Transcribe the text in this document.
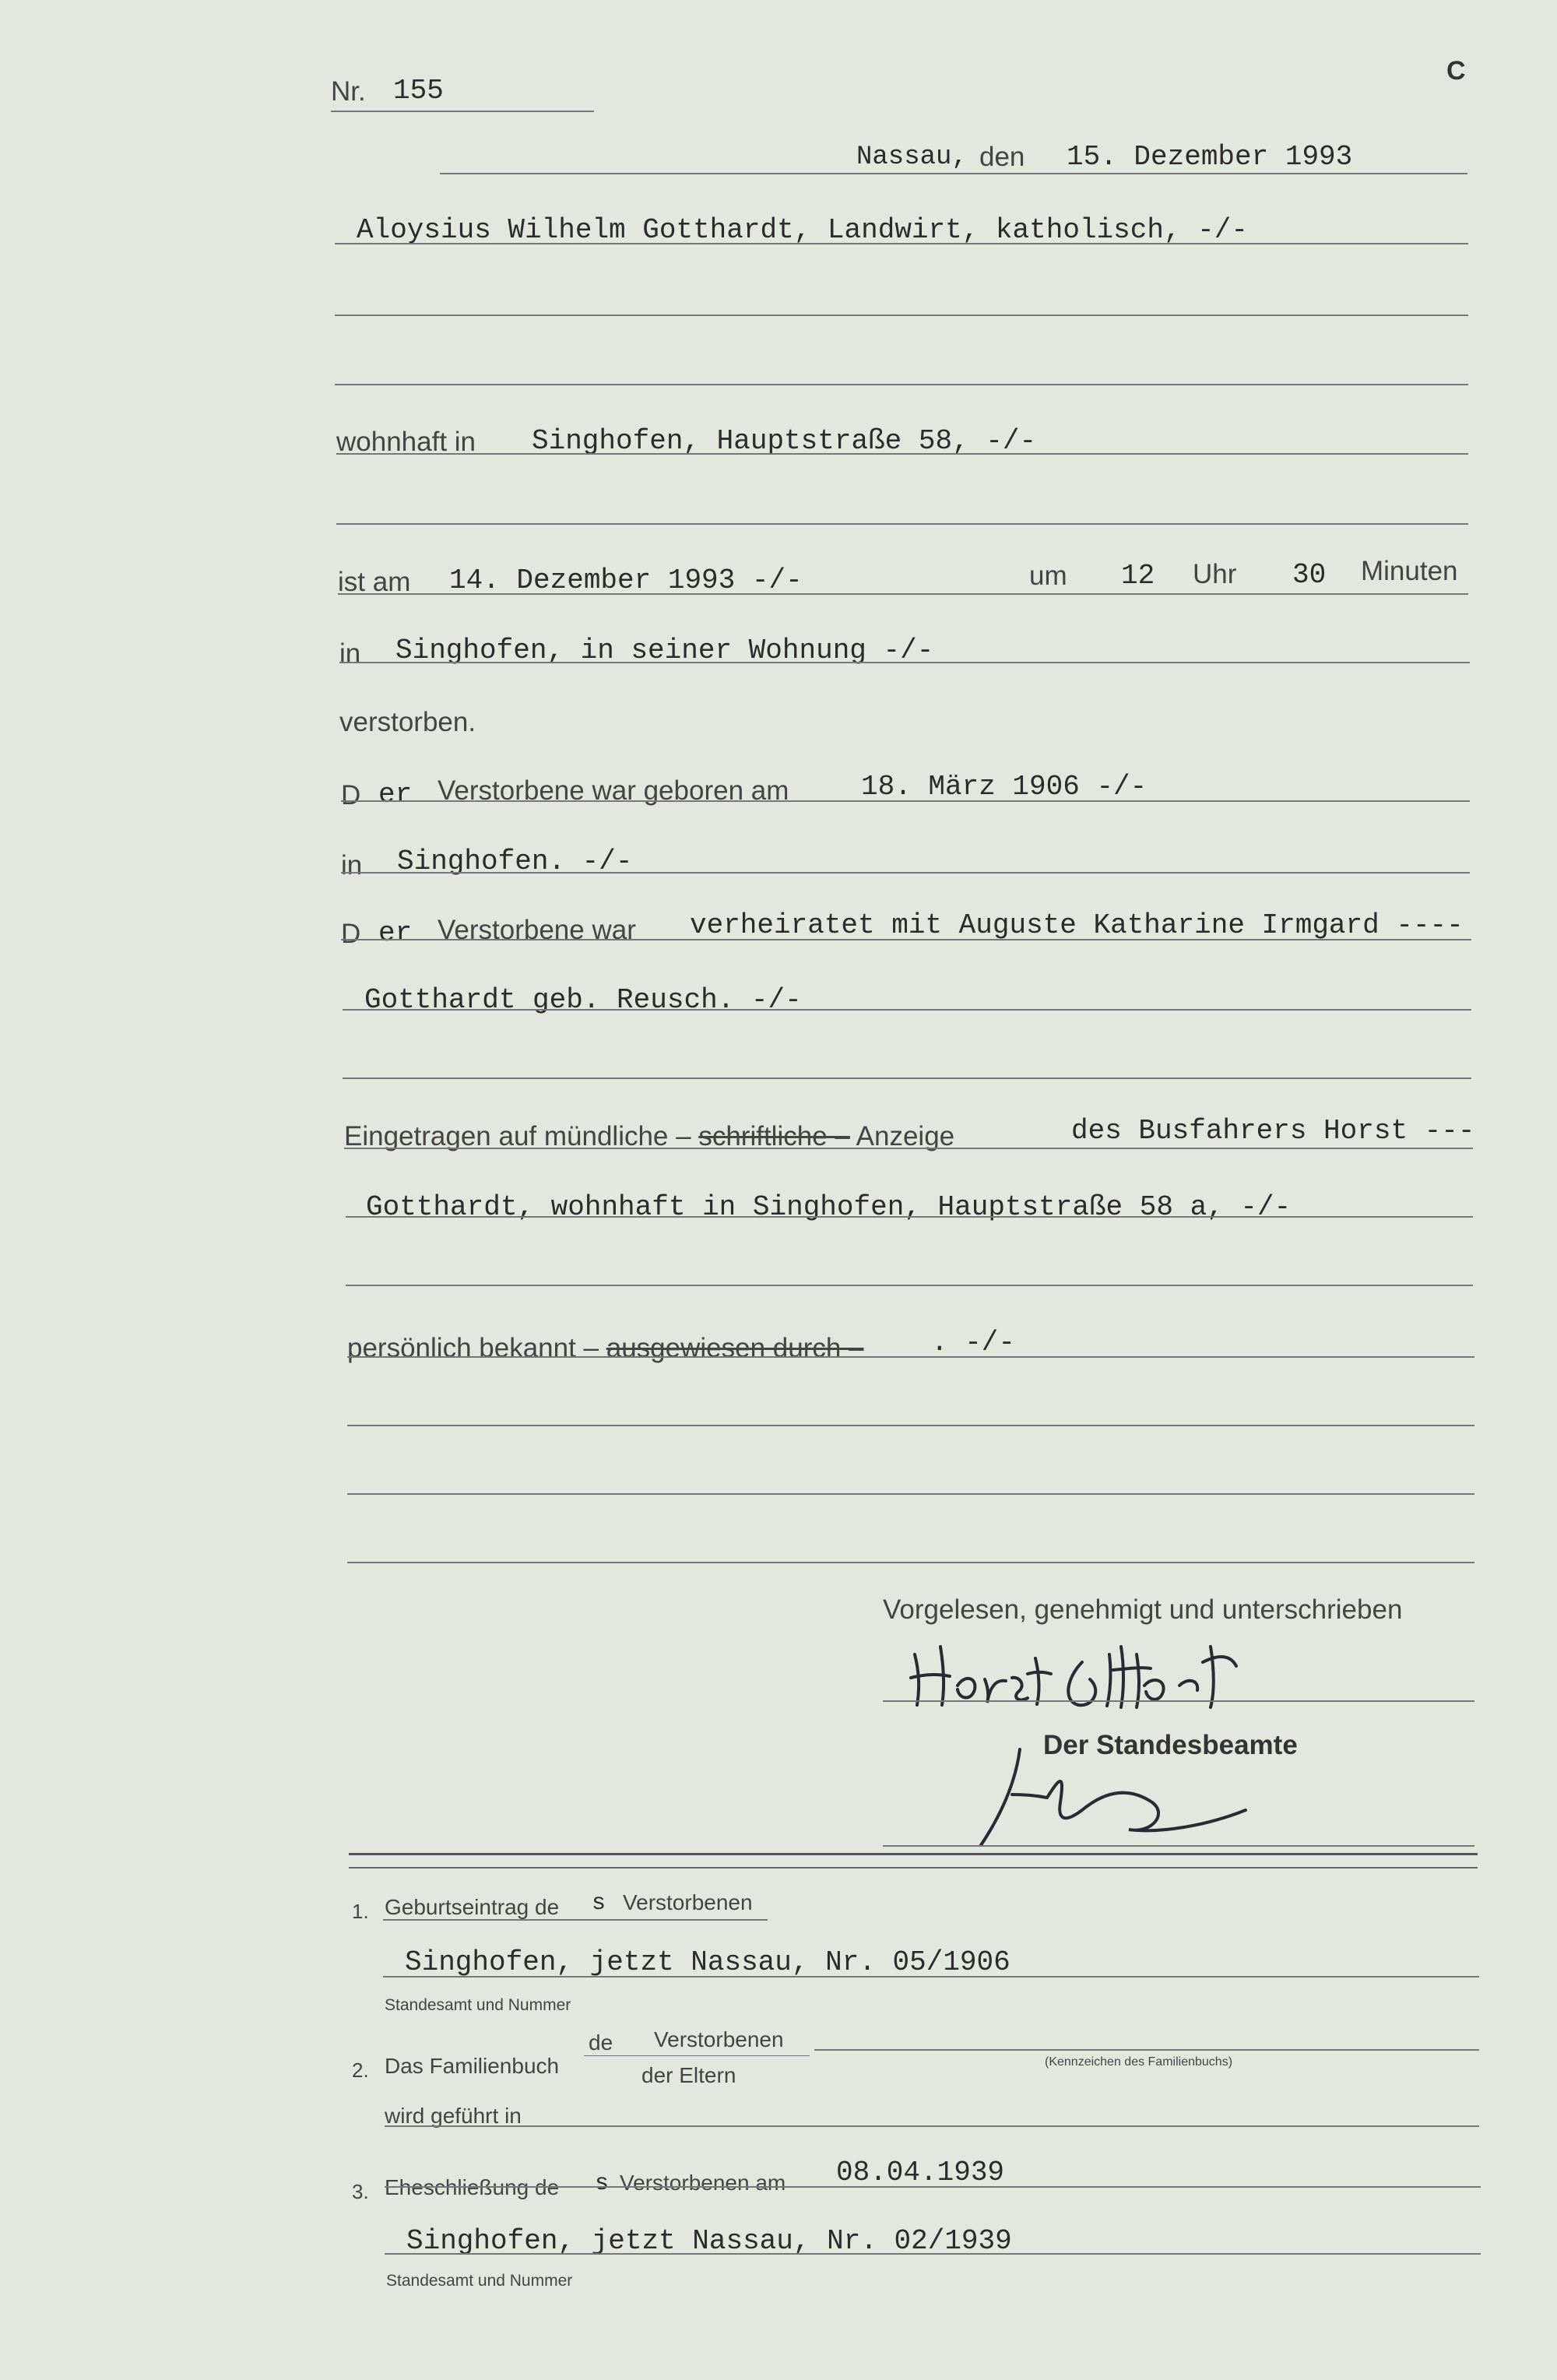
C
Nr. 155
Nassau, den 15. Dezember 1993
Aloysius Wilhelm Gotthardt, Landwirt, katholisch, -/-
wohnhaft in Singhofen, Hauptstraße 58, -/-
ist am 14. Dezember 1993 -/-	um 12 Uhr 30 Minuten
in Singhofen, in seiner Wohnung -/-
verstorben.
D er Verstorbene war geboren am	18. März 1906 -/-
in Singhofen. -/-
D er Verstorbene war verheiratet mit Auguste Katharine Irmgard ----
Gotthardt geb. Reusch. -/-
Eingetragen auf mündliche – schriftliche – Anzeige	des Busfahrers Horst ---
Gotthardt, wohnhaft in Singhofen, Hauptstraße 58 a, -/-
persönlich bekannt – ausgewiesen durch – . -/-
Vorgelesen, genehmigt und unterschrieben
Der Standesbeamte
1. Geburtseintrag de s Verstorbenen
Singhofen, jetzt Nassau, Nr. 05/1906
Standesamt und Nummer
2. Das Familienbuch
de Verstorbenen
der Eltern
(Kennzeichen des Familienbuchs)
wird geführt in
3. Eheschließung de s Verstorbenen am 08.04.1939
Singhofen, jetzt Nassau, Nr. 02/1939
Standesamt und Nummer
